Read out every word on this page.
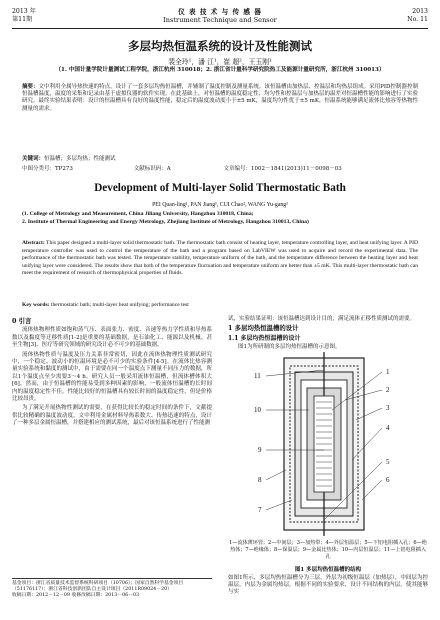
2013 年
第11期
仪 表 技 术 与 传 感 器
Instrument Technique and Sensor
2013
No. 11
多层均热恒温系统的设计及性能测试
裴全玲¹，潘 江¹，崔 超²，王玉刚¹
（1. 中国计量学院计量测试工程学院，浙江杭州 310018；2. 浙江省计量科学研究院热工及能源计量研究所，浙江杭州 310013）
摘要：文中利用全属导热快速的特点，设计了一套多层均热恒温槽，并辅制了温度控制及测量系统。该恒温槽由加热层、控温层和均热层组成。采用PID控制器控制恒温槽温度，温度的采集和记录由基于虚拟仪器的软件实现。在此基础上，对恒温槽的温度稳定性、均匀性和控温层与加热层的温差对恒温槽性能的影响进行了实验研究。最终实验结果表明：设计的恒温槽具有良好的温度性能，稳定后的温度波动度小于±5 mK，温度均匀性优于±5 mK，恒温系统能够满足流体比热容等热物性测量的需求。
关键词：恒温槽；多层均热；性能测试
中图分类号：TP273	文献标识码：A	文章编号：1002－1841(2013)11－0098－03
Development of Multi-layer Solid Thermostatic Bath
PEI Quan-ling¹, PAN Jiang¹, CUI Chao², WANG Yu-gang¹
(1. College of Metrology and Measurement, China Jiliang University, Hangzhou 310018, China;
2. Institute of Thermal Engineering and Energy Metrology, Zhejiang Institute of Metrology, Hangzhou 310013, China)
Abstract: This paper designed a multi-layer solid thermostatic bath. The thermostatic bath consist of heating layer, temperature controlling layer, and heat unifying layer. A PID temperature controller was used to control the temperature of the bath and a program based on LabVIEW was used to acquire and record the experimental data. The performance of the thermostatic bath was tested. The temperature stability, temperature uniform of the bath, and the temperature difference between the heating layer and heat unifying layer were considered. The results show that both of the temperature fluctuation and temperature uniform are better than ±5 mK. This multi-layer thermostatic bath can meet the requirement of research of thermophysical properties of fluids.
Key words: thermostatic bath; multi-layer heat unifying; performance test
0 引言

流体热物理性质如饱和蒸气压、表面张力、密度、音速等热力学性质和导热系数以及黏度等迁移性质[1-2]是重要的基础数据，是石油化工、能源以及机械、甚至生物[3]、医疗等研究领域的研究设计必不可少的基础数据。

流体热物性质与温度及压力关系非常密切，因此在流体热物理性质测试研究中，一个稳定、波动小的恒温环境是必不可少的实验条件[4-5]。在流体比热容测量实验系统和黏度的测试中，由于需要在同一个温度点下测量不同压力的数据，所以1个温度点至少需要3～4 h。研究人员一般采用流体恒温槽，但流体槽体积大[6]，然而，由于恒温槽的性能易受到多种因素的影响，一般流体恒温槽的长时间内的温度稳定性不佳。性能比较好的恒温槽具有较长时间的温度稳定性，但是价格比较昂贵。

为了满足开展热物性测试的需要，在获得比较长的稳定时间的条件下，文献提供比较精确的温度波动度，文中利用金属材料导热系数大、传热迅速的特点，设计了一种多层金属恒温槽，并搭建相应的测试系统，最后对该恒温系统进行了性能测

基金项目：浙江省质量技术监督系统科研项目（10706）；国家自然科学基金项目（51176117）；浙江省科技创新团队自主设计项目（2011R09024－20）
收稿日期：2012－12－09 收修改稿日期：2013－06－03

试，实验结果证明：该恒温槽达到设计目的，满足流体正移性质测试的需要。

1 多层均热恒温槽的设计
1.1 多层均热恒温槽的设计

图1为所研制的多层均热恒温槽的示意图。

1
2
3
4
5
6
7
8
9
10
11
1—流体薄环管；2—中间层；3—加热带；4—外层恒温层；5—下铝电阻插入孔；6—绝热体；7—绝缘体；8—保温层；9—金属比热体；10—内层恒温层；11—上铝电阻插入孔
图1 多层均热恒温槽的结构
如图1所示，多层均热恒温槽分为三层，外层为初级恒温层（加热层），中间层为控温层，内层为金属均热层。根据不同的实验要求，设计不同结构的内层，使其能够与实
